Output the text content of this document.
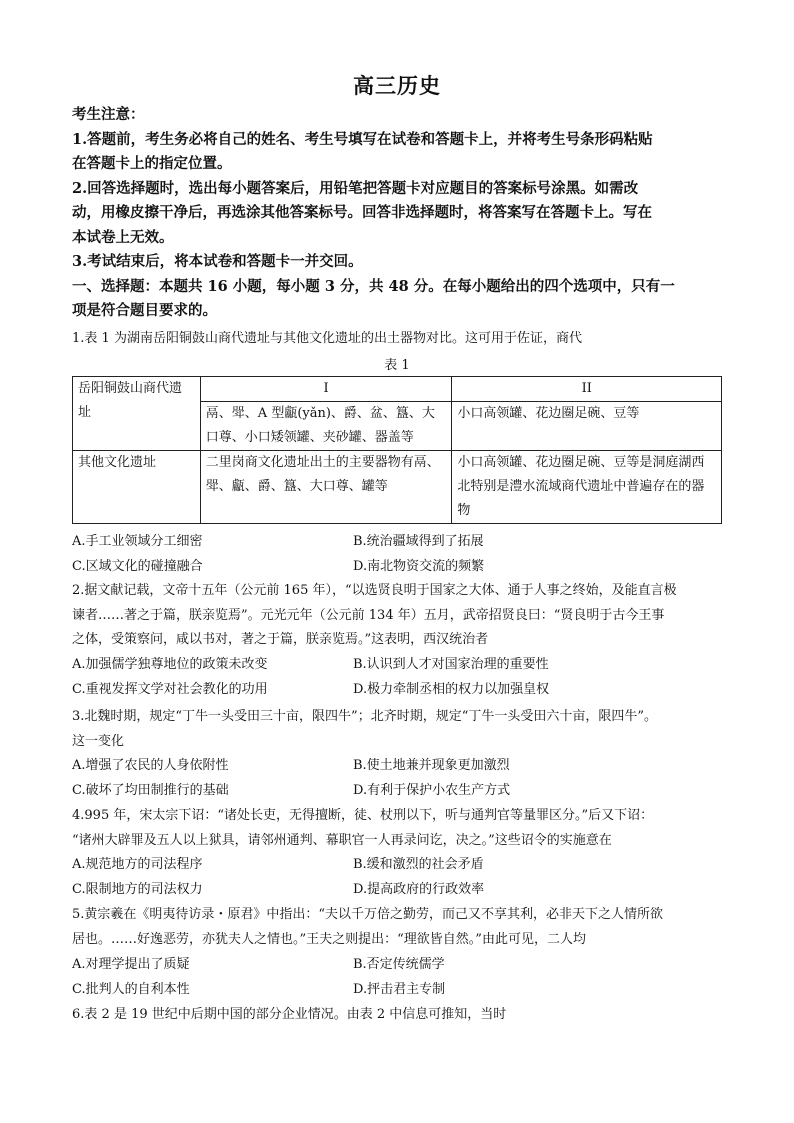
高三历史

考生注意：

1.答题前，考生务必将自己的姓名、考生号填写在试卷和答题卡上，并将考生号条形码粘贴

在答题卡上的指定位置。

2.回答选择题时，选出每小题答案后，用铅笔把答题卡对应题目的答案标号涂黑。如需改

动，用橡皮擦干净后，再选涂其他答案标号。回答非选择题时，将答案写在答题卡上。写在

本试卷上无效。

3.考试结束后，将本试卷和答题卡一并交回。

一、选择题：本题共 16 小题，每小题 3 分，共 48 分。在每小题给出的四个选项中，只有一

项是符合题目要求的。

1.表 1 为湖南岳阳铜鼓山商代遗址与其他文化遗址的出土器物对比。这可用于佐证，商代

表 1
岳阳铜鼓山商代遗址	I	II
	鬲、斝、A 型甗(yǎn)、爵、盆、簋、大口尊、小口矮领罐、夹砂罐、器盖等	小口高领罐、花边圈足碗、豆等
其他文化遗址	二里岗商文化遗址出土的主要器物有鬲、斝、甗、爵、簋、大口尊、罐等	小口高领罐、花边圈足碗、豆等是洞庭湖西北特别是澧水流域商代遗址中普遍存在的器物
A.手工业领域分工细密	B.统治疆域得到了拓展
C.区域文化的碰撞融合	D.南北物资交流的频繁

2.据文献记载，文帝十五年（公元前 165 年），“以选贤良明于国家之大体、通于人事之终始，及能直言极

谏者……著之于篇，朕亲览焉”。元光元年（公元前 134 年）五月，武帝招贤良曰：“贤良明于古今王事

之体，受策察问，咸以书对，著之于篇，朕亲览焉。”这表明，西汉统治者

A.加强儒学独尊地位的政策未改变	B.认识到人才对国家治理的重要性
C.重视发挥文学对社会教化的功用	D.极力牵制丞相的权力以加强皇权

3.北魏时期，规定“丁牛一头受田三十亩，限四牛”；北齐时期，规定“丁牛一头受田六十亩，限四牛”。

这一变化

A.增强了农民的人身依附性	B.使土地兼并现象更加激烈
C.破坏了均田制推行的基础	D.有利于保护小农生产方式

4.995 年，宋太宗下诏：“诸处长吏，无得擅断，徒、杖刑以下，听与通判官等量罪区分。”后又下诏：

“诸州大辟罪及五人以上狱具，请邻州通判、幕职官一人再录问讫，决之。”这些诏令的实施意在

A.规范地方的司法程序	B.缓和激烈的社会矛盾
C.限制地方的司法权力	D.提高政府的行政效率

5.黄宗羲在《明夷待访录・原君》中指出：“夫以千万倍之勤劳，而己又不享其利，必非天下之人情所欲

居也。……好逸恶劳，亦犹夫人之情也。”王夫之则提出：“理欲皆自然。”由此可见，二人均

A.对理学提出了质疑	B.否定传统儒学
C.批判人的自利本性	D.抨击君主专制

6.表 2 是 19 世纪中后期中国的部分企业情况。由表 2 中信息可推知，当时
